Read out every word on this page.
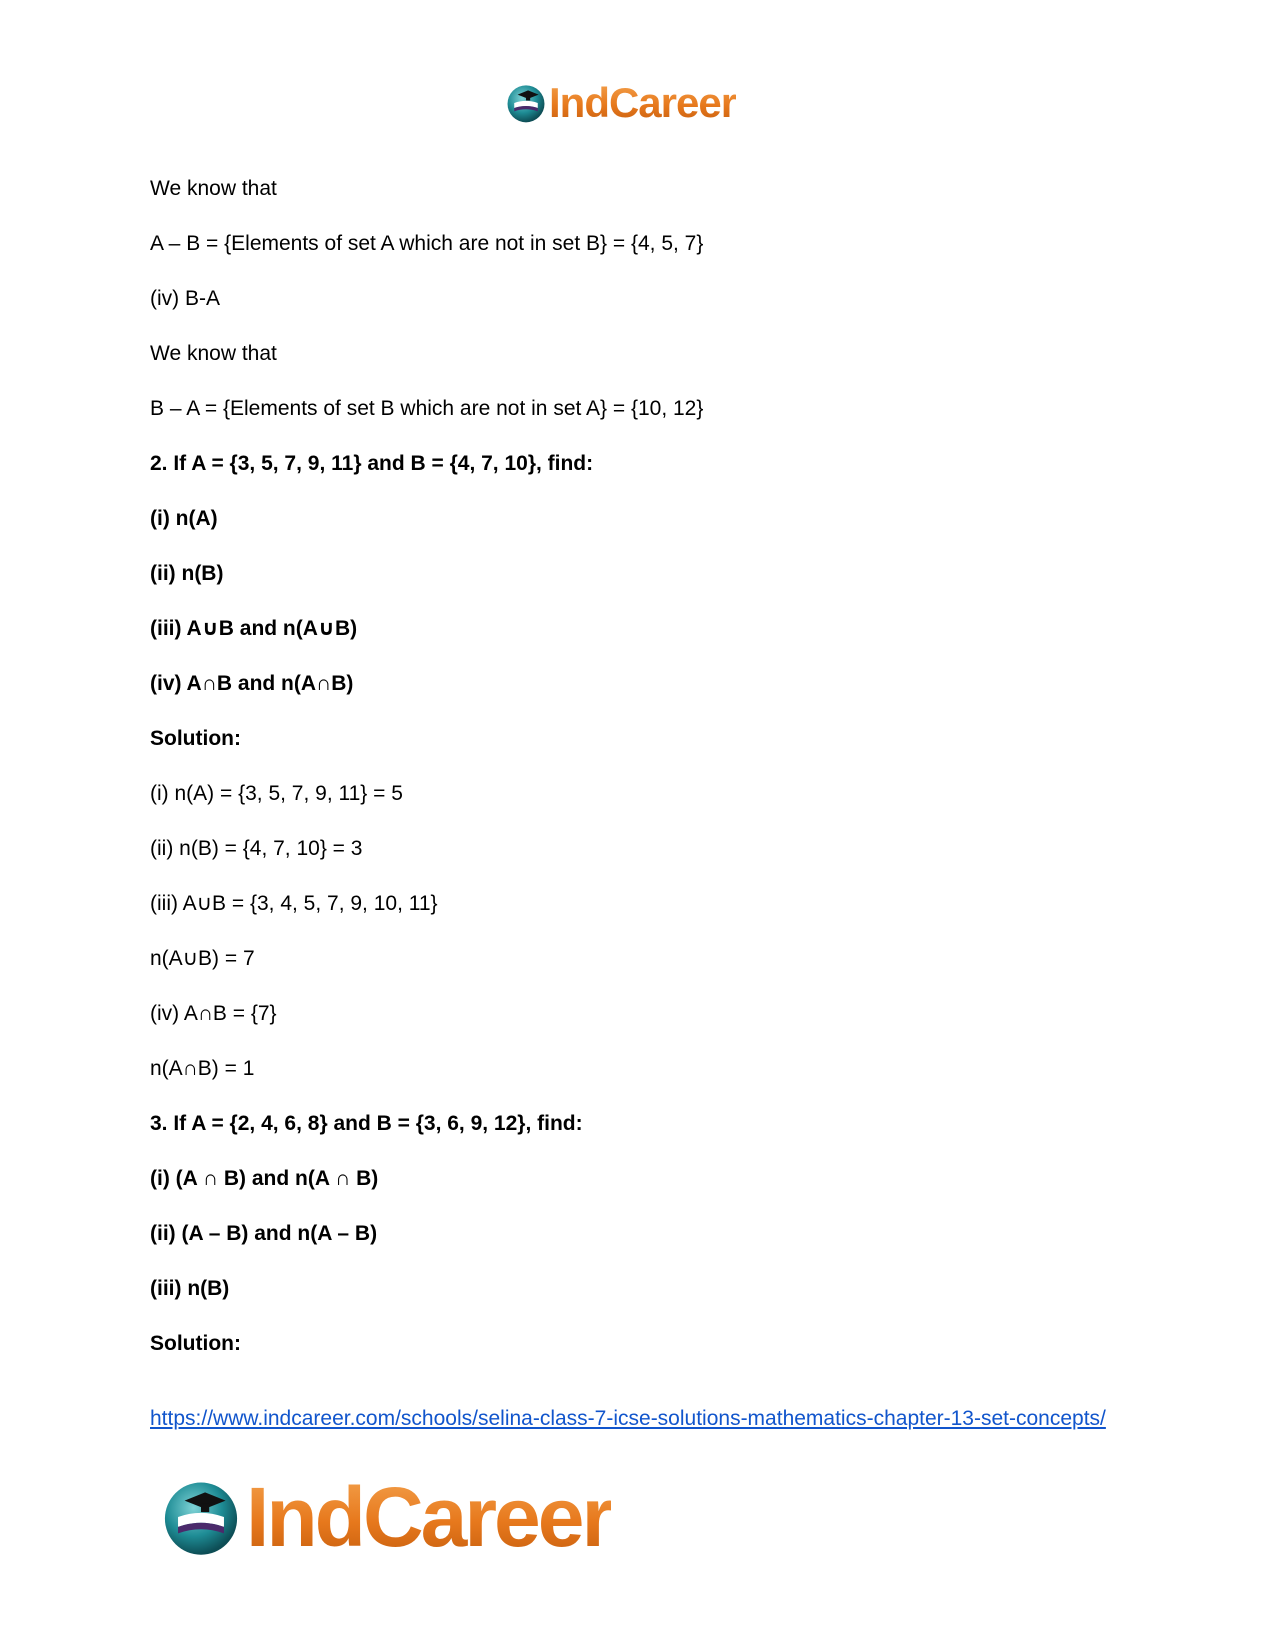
IndCareer
We know that
A – B = {Elements of set A which are not in set B} = {4, 5, 7}
(iv) B-A
We know that
B – A = {Elements of set B which are not in set A} = {10, 12}
2. If A = {3, 5, 7, 9, 11} and B = {4, 7, 10}, find:
(i) n(A)
(ii) n(B)
(iii) A∪B and n(A∪B)
(iv) A∩B and n(A∩B)
Solution:
(i) n(A) = {3, 5, 7, 9, 11} = 5
(ii) n(B) = {4, 7, 10} = 3
(iii) A∪B = {3, 4, 5, 7, 9, 10, 11}
n(A∪B) = 7
(iv) A∩B = {7}
n(A∩B) = 1
3. If A = {2, 4, 6, 8} and B = {3, 6, 9, 12}, find:
(i) (A ∩ B) and n(A ∩ B)
(ii) (A – B) and n(A – B)
(iii) n(B)
Solution:
https://www.indcareer.com/schools/selina-class-7-icse-solutions-mathematics-chapter-13-set-concepts/
IndCareer
